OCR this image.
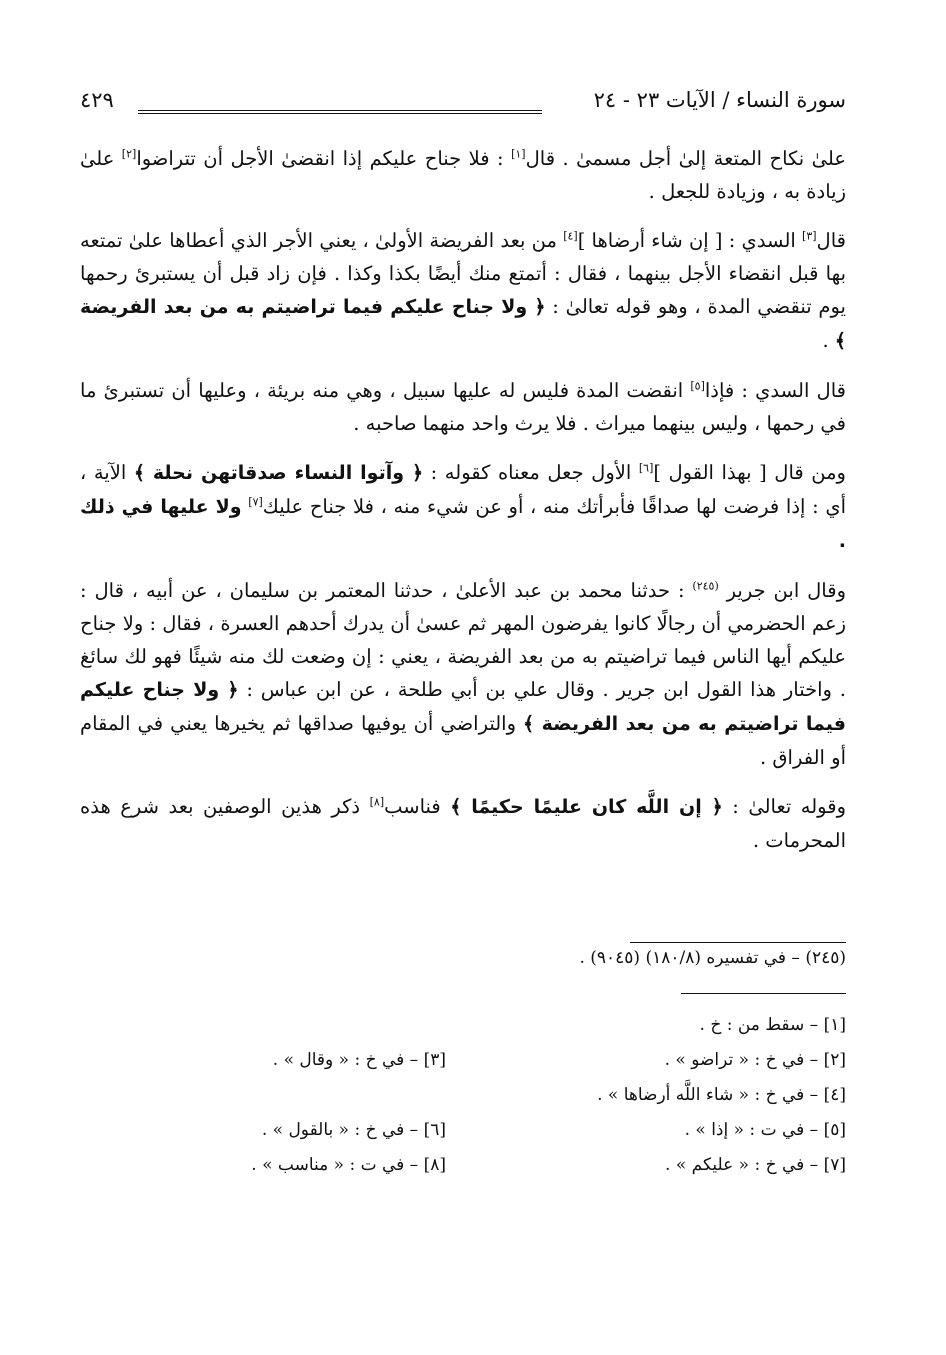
سورة النساء / الآيات ٢٣ - ٢٤
٤٢٩

علىٰ نكاح المتعة إلىٰ أجل مسمىٰ . قال[١] : فلا جناح عليكم إذا انقضىٰ الأجل أن تتراضوا[٢] علىٰ زيادة به ، وزيادة للجعل .

قال[٣] السدي : [ إن شاء أرضاها ][٤] من بعد الفريضة الأولىٰ ، يعني الأجر الذي أعطاها علىٰ تمتعه بها قبل انقضاء الأجل بينهما ، فقال : أتمتع منك أيضًا بكذا وكذا . فإن زاد قبل أن يستبرئ رحمها يوم تنقضي المدة ، وهو قوله تعالىٰ : ﴿ ولا جناح عليكم فيما تراضيتم به من بعد الفريضة ﴾ .

قال السدي : فإذا[٥] انقضت المدة فليس له عليها سبيل ، وهي منه بريئة ، وعليها أن تستبرئ ما في رحمها ، وليس بينهما ميراث . فلا يرث واحد منهما صاحبه .

ومن قال [ بهذا القول ][٦] الأول جعل معناه كقوله : ﴿ وآتوا النساء صدقاتهن نحلة ﴾ الآية ، أي : إذا فرضت لها صداقًا فأبرأتك منه ، أو عن شيء منه ، فلا جناح عليك[٧] ولا عليها في ذلك .

وقال ابن جرير $^{(٢٤٥)}$ : حدثنا محمد بن عبد الأعلىٰ ، حدثنا المعتمر بن سليمان ، عن أبيه ، قال : زعم الحضرمي أن رجالًا كانوا يفرضون المهر ثم عسىٰ أن يدرك أحدهم العسرة ، فقال : ولا جناح عليكم أيها الناس فيما تراضيتم به من بعد الفريضة ، يعني : إن وضعت لك منه شيئًا فهو لك سائغ . واختار هذا القول ابن جرير . وقال علي بن أبي طلحة ، عن ابن عباس : ﴿ ولا جناح عليكم فيما تراضيتم به من بعد الفريضة ﴾ والتراضي أن يوفيها صداقها ثم يخيرها يعني في المقام أو الفراق .

وقوله تعالىٰ : ﴿ إن اللَّه كان عليمًا حكيمًا ﴾ فناسب[٨] ذكر هذين الوصفين بعد شرع هذه المحرمات .

(٢٤٥) – في تفسيره (١٨٠/٨) (٩٠٤٥) .
[١] – سقط من : خ .
[٢] – في خ : « تراضو » .
[٣] – في خ : « وقال » .
[٤] – في خ : « شاء اللَّه أرضاها » .
[٥] – في ت : « إذا » .
[٦] – في خ : « بالقول » .
[٧] – في خ : « عليكم » .
[٨] – في ت : « مناسب » .
